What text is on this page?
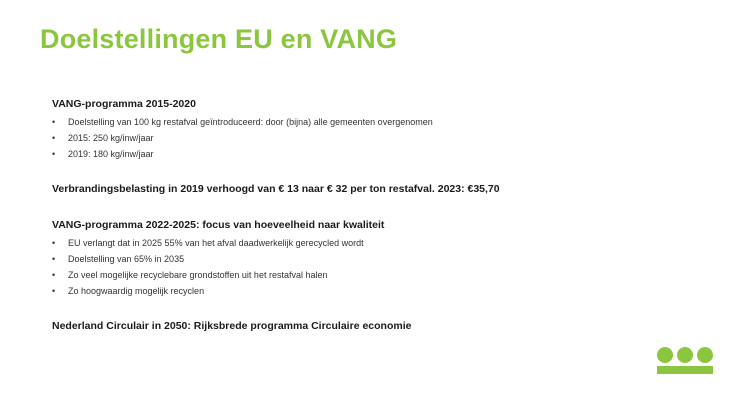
Doelstellingen EU en VANG

VANG-programma 2015-2020

• Doelstelling van 100 kg restafval geïntroduceerd: door (bijna) alle gemeenten overgenomen
• 2015: 250 kg/inw/jaar
• 2019: 180 kg/inw/jaar

Verbrandingsbelasting in 2019 verhoogd van € 13 naar € 32 per ton restafval. 2023: €35,70

VANG-programma 2022-2025: focus van hoeveelheid naar kwaliteit

• EU verlangt dat in 2025 55% van het afval daadwerkelijk gerecycled wordt
• Doelstelling van 65% in 2035
• Zo veel mogelijke recyclebare grondstoffen uit het restafval halen
• Zo hoogwaardig mogelijk recyclen

Nederland Circulair in 2050: Rijksbrede programma Circulaire economie
